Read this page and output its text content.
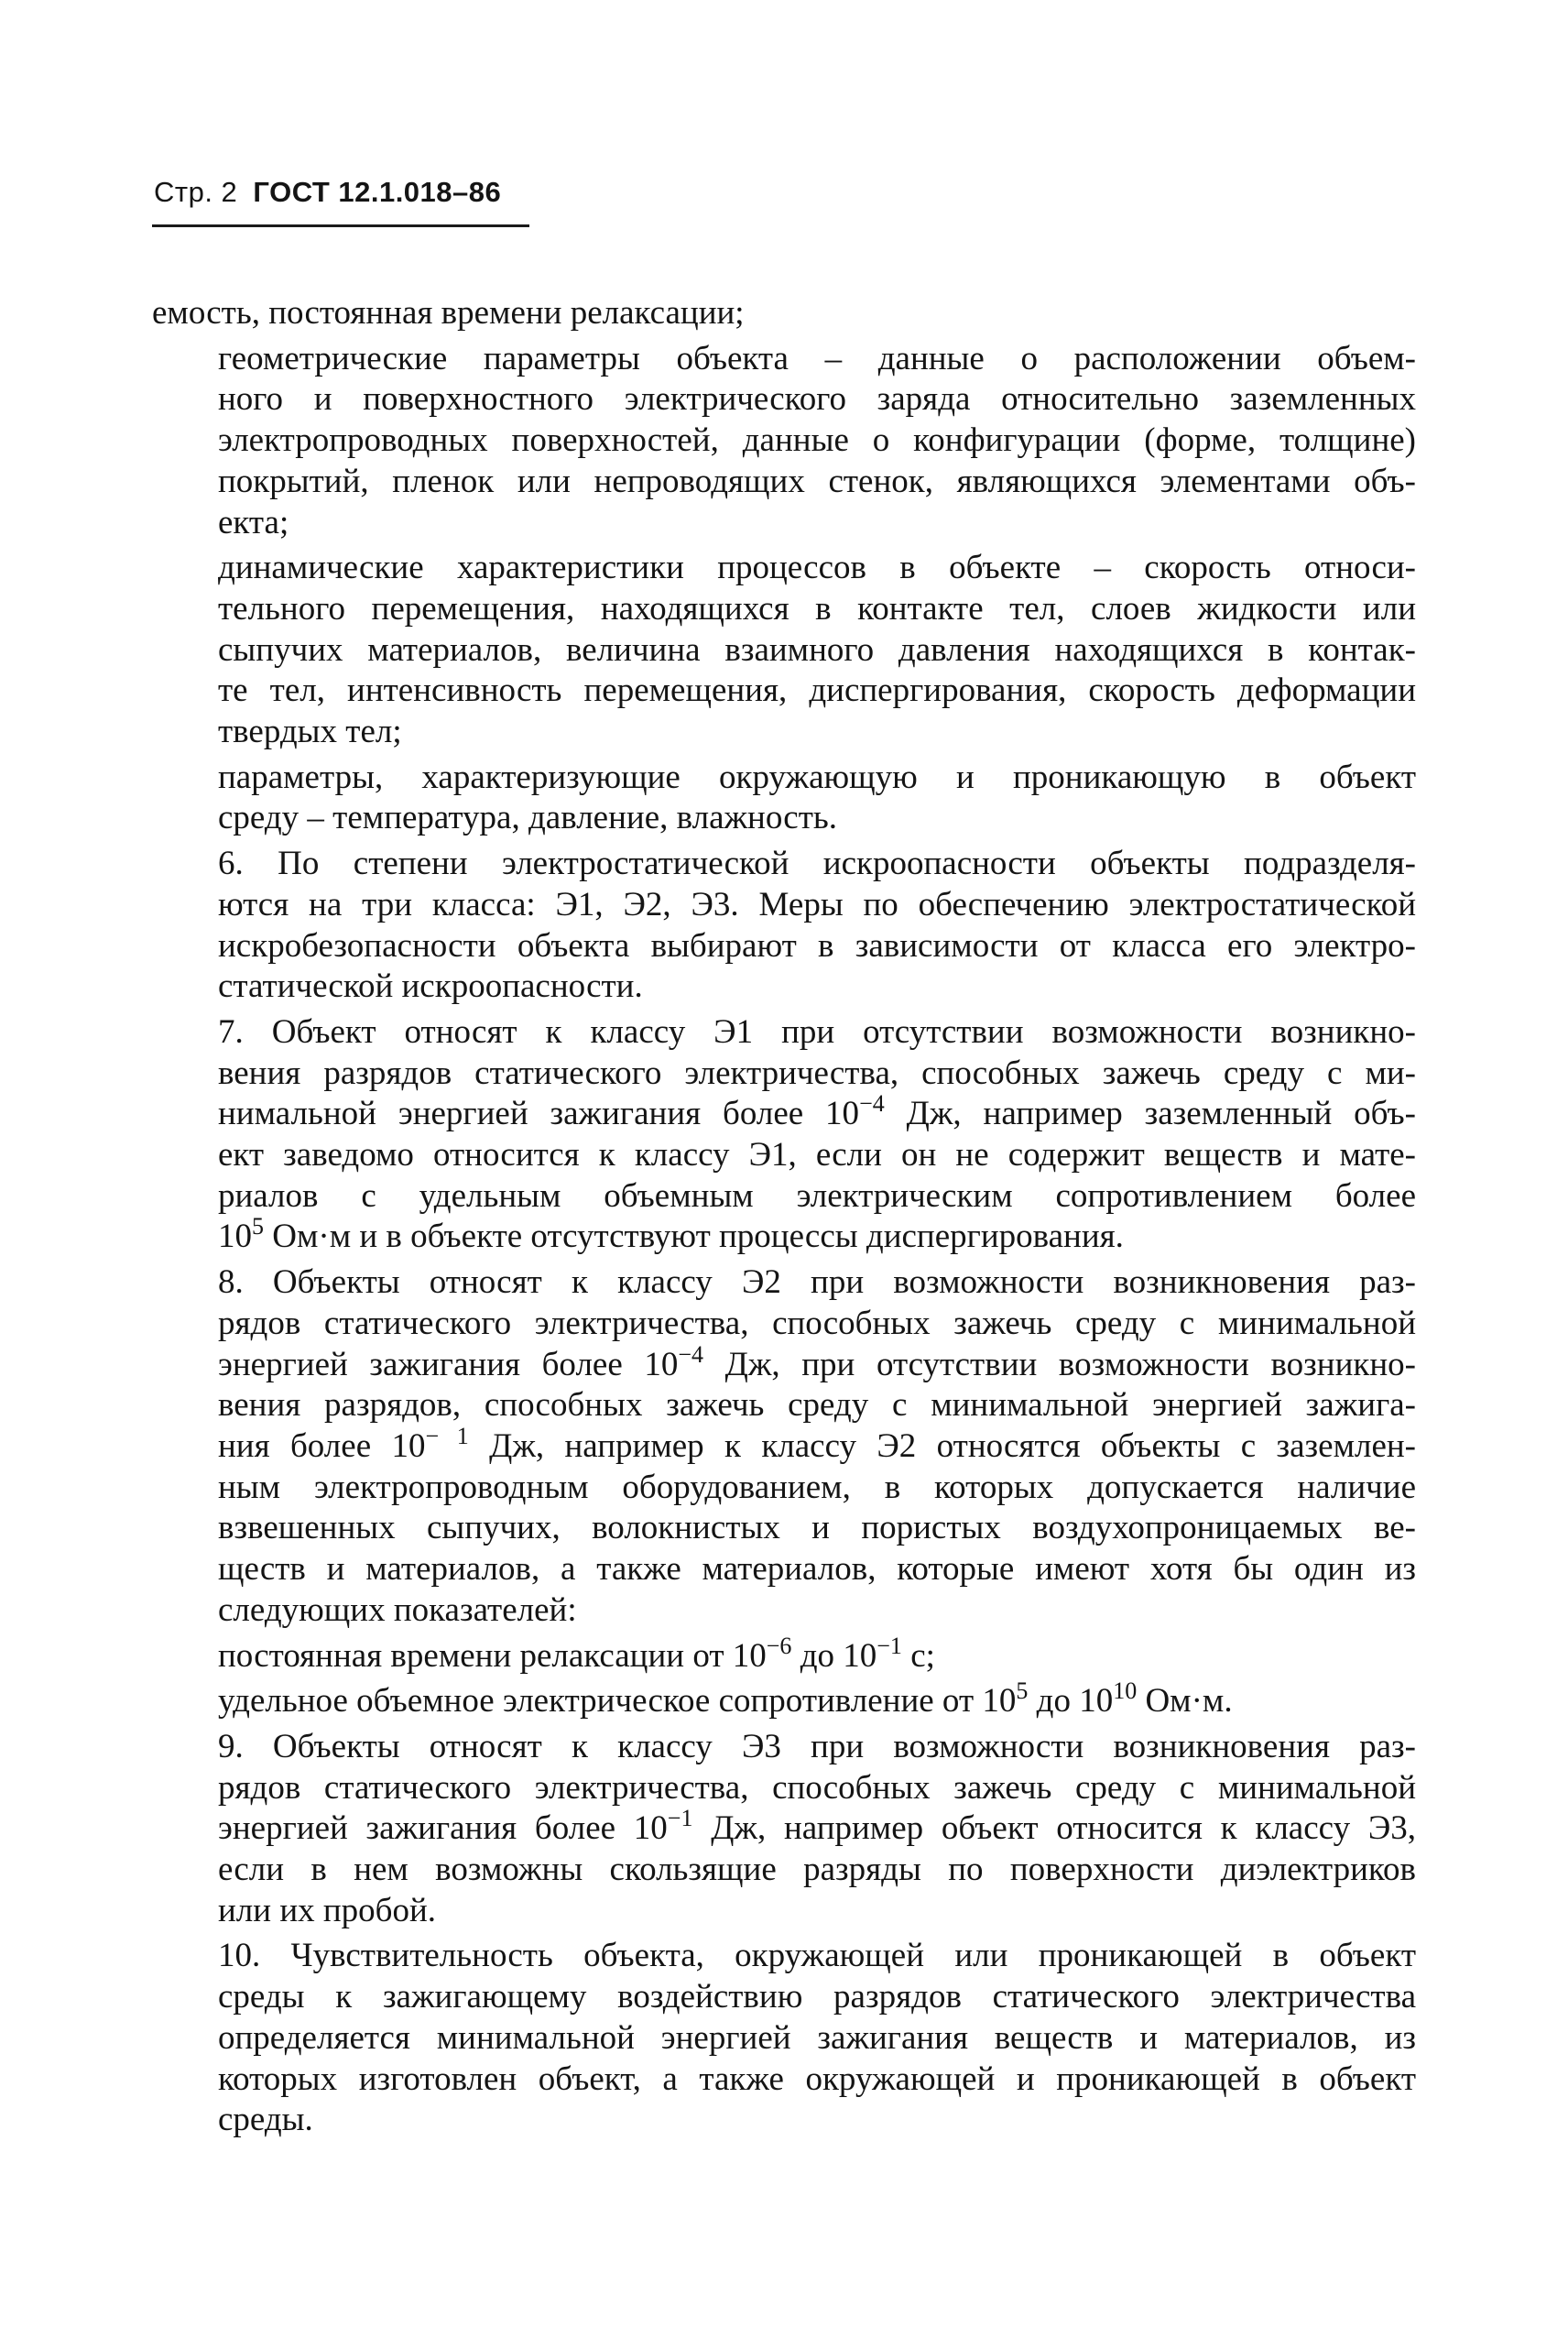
Стр. 2 ГОСТ 12.1.018–86

емость, постоянная времени релаксации;

геометрические параметры объекта – данные о расположении объем-
ного и поверхностного электрического заряда относительно заземленных
электропроводных поверхностей, данные о конфигурации (форме, толщине)
покрытий, пленок или непроводящих стенок, являющихся элементами объ-
екта;

динамические характеристики процессов в объекте – скорость относи-
тельного перемещения, находящихся в контакте тел, слоев жидкости или
сыпучих материалов, величина взаимного давления находящихся в контак-
те тел, интенсивность перемещения, диспергирования, скорость деформации
твердых тел;

параметры, характеризующие окружающую и проникающую в объект
среду – температура, давление, влажность.

6. По степени электростатической искроопасности объекты подразделя-
ются на три класса: Э1, Э2, Э3. Меры по обеспечению электростатической
искробезопасности объекта выбирают в зависимости от класса его электро-
статической искроопасности.

7. Объект относят к классу Э1 при отсутствии возможности возникно-
вения разрядов статического электричества, способных зажечь среду с ми-
нимальной энергией зажигания более $10^{-4}$ Дж, например заземленный объ-
ект заведомо относится к классу Э1, если он не содержит веществ и мате-
риалов с удельным объемным электрическим сопротивлением более
$10^5$ Ом·м и в объекте отсутствуют процессы диспергирования.

8. Объекты относят к классу Э2 при возможности возникновения раз-
рядов статического электричества, способных зажечь среду с минимальной
энергией зажигания более $10^{-4}$ Дж, при отсутствии возможности возникно-
вения разрядов, способных зажечь среду с минимальной энергией зажига-
ния более $10^{- 1}$ Дж, например к классу Э2 относятся объекты с заземлен-
ным электропроводным оборудованием, в которых допускается наличие
взвешенных сыпучих, волокнистых и пористых воздухопроницаемых ве-
ществ и материалов, а также материалов, которые имеют хотя бы один из
следующих показателей:

постоянная времени релаксации от $10^{-6}$ до $10^{-1}$ с;

удельное объемное электрическое сопротивление от $10^5$ до $10^{10}$ Ом·м.

9. Объекты относят к классу Э3 при возможности возникновения раз-
рядов статического электричества, способных зажечь среду с минимальной
энергией зажигания более $10^{-1}$ Дж, например объект относится к классу Э3,
если в нем возможны скользящие разряды по поверхности диэлектриков
или их пробой.

10. Чувствительность объекта, окружающей или проникающей в объект
среды к зажигающему воздействию разрядов статического электричества
определяется минимальной энергией зажигания веществ и материалов, из
которых изготовлен объект, а также окружающей и проникающей в объект
среды.
